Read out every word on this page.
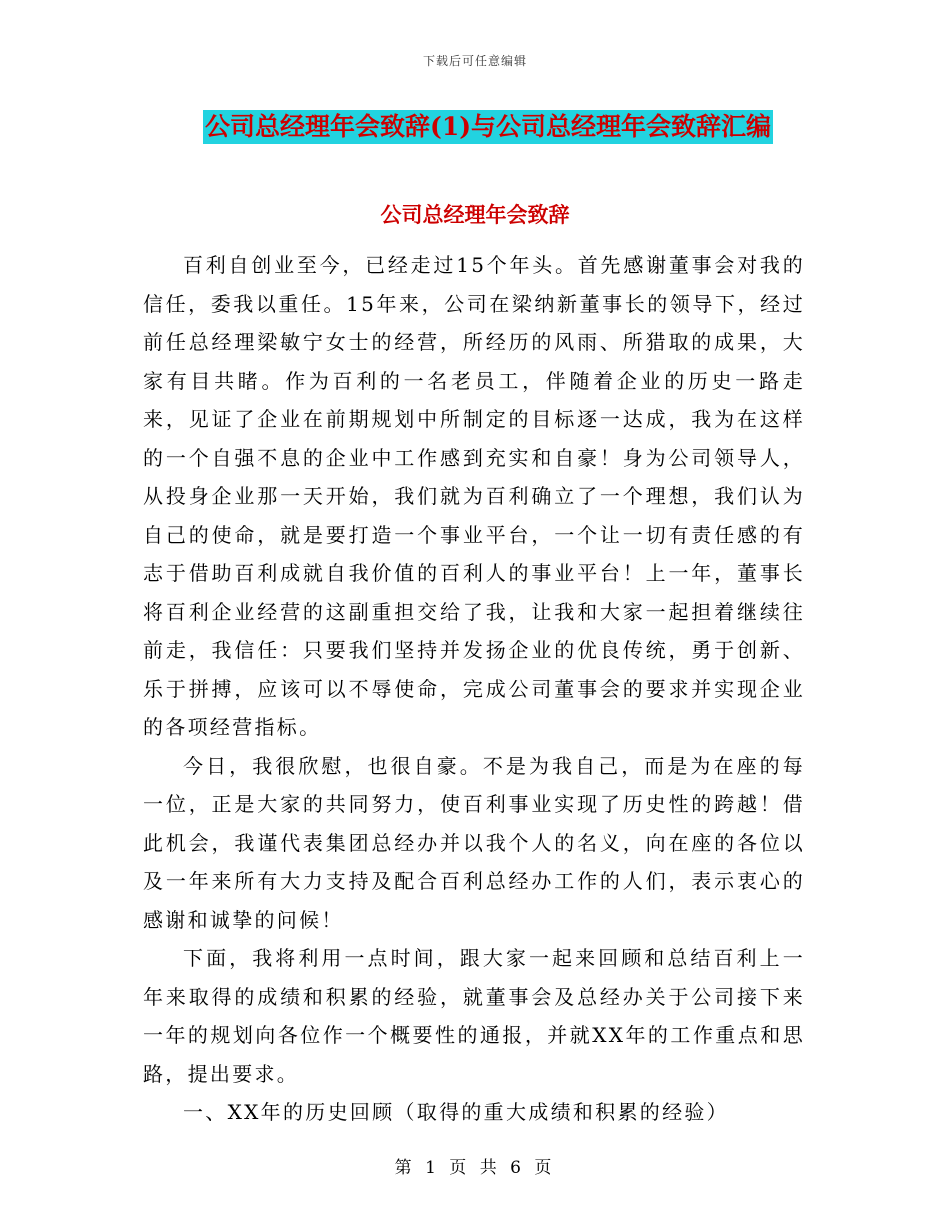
下载后可任意编辑
公司总经理年会致辞(1)与公司总经理年会致辞汇编
公司总经理年会致辞

百利自创业至今，已经走过15个年头。首先感谢董事会对我的信任，委我以重任。15年来，公司在梁纳新董事长的领导下，经过前任总经理梁敏宁女士的经营，所经历的风雨、所猎取的成果，大家有目共睹。作为百利的一名老员工，伴随着企业的历史一路走来，见证了企业在前期规划中所制定的目标逐一达成，我为在这样的一个自强不息的企业中工作感到充实和自豪！身为公司领导人，从投身企业那一天开始，我们就为百利确立了一个理想，我们认为自己的使命，就是要打造一个事业平台，一个让一切有责任感的有志于借助百利成就自我价值的百利人的事业平台！上一年，董事长将百利企业经营的这副重担交给了我，让我和大家一起担着继续往前走，我信任：只要我们坚持并发扬企业的优良传统，勇于创新、乐于拼搏，应该可以不辱使命，完成公司董事会的要求并实现企业的各项经营指标。

今日，我很欣慰，也很自豪。不是为我自己，而是为在座的每一位，正是大家的共同努力，使百利事业实现了历史性的跨越！借此机会，我谨代表集团总经办并以我个人的名义，向在座的各位以及一年来所有大力支持及配合百利总经办工作的人们，表示衷心的感谢和诚挚的问候！

下面，我将利用一点时间，跟大家一起来回顾和总结百利上一年来取得的成绩和积累的经验，就董事会及总经办关于公司接下来一年的规划向各位作一个概要性的通报，并就XX年的工作重点和思路，提出要求。

一、XX年的历史回顾（取得的重大成绩和积累的经验）

第 1 页 共 6 页
